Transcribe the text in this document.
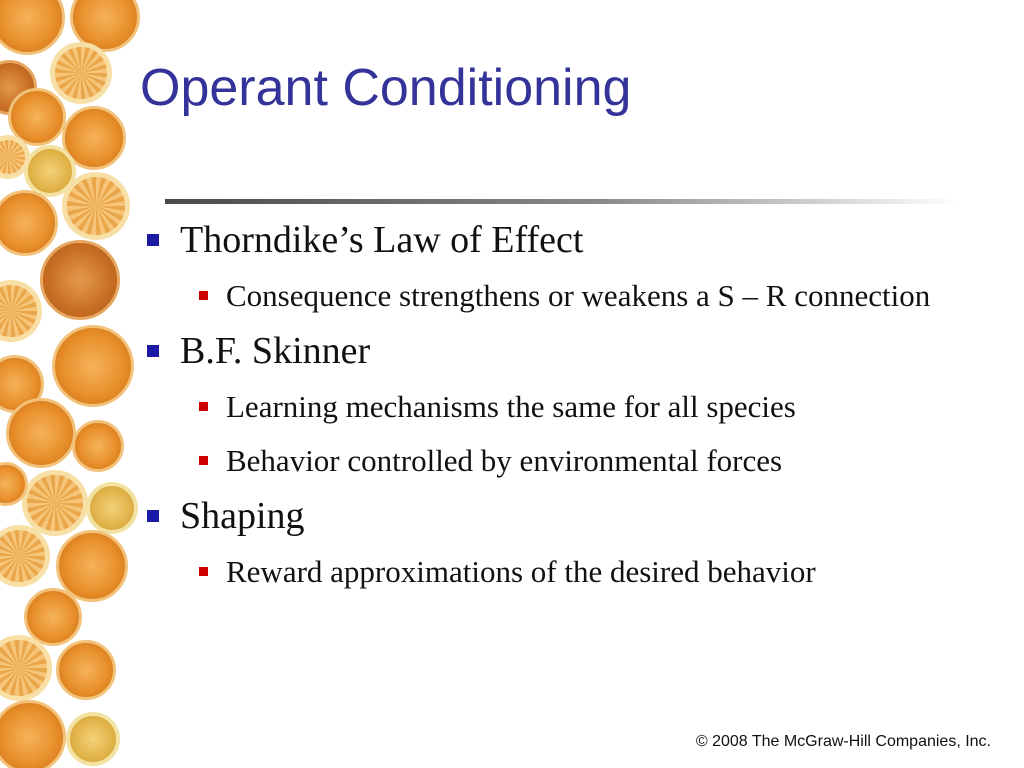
Operant Conditioning
Thorndike’s Law of Effect
Consequence strengthens or weakens a S – R connection
B.F. Skinner
Learning mechanisms the same for all species
Behavior controlled by environmental forces
Shaping
Reward approximations of the desired behavior
© 2008 The McGraw-Hill Companies, Inc.
